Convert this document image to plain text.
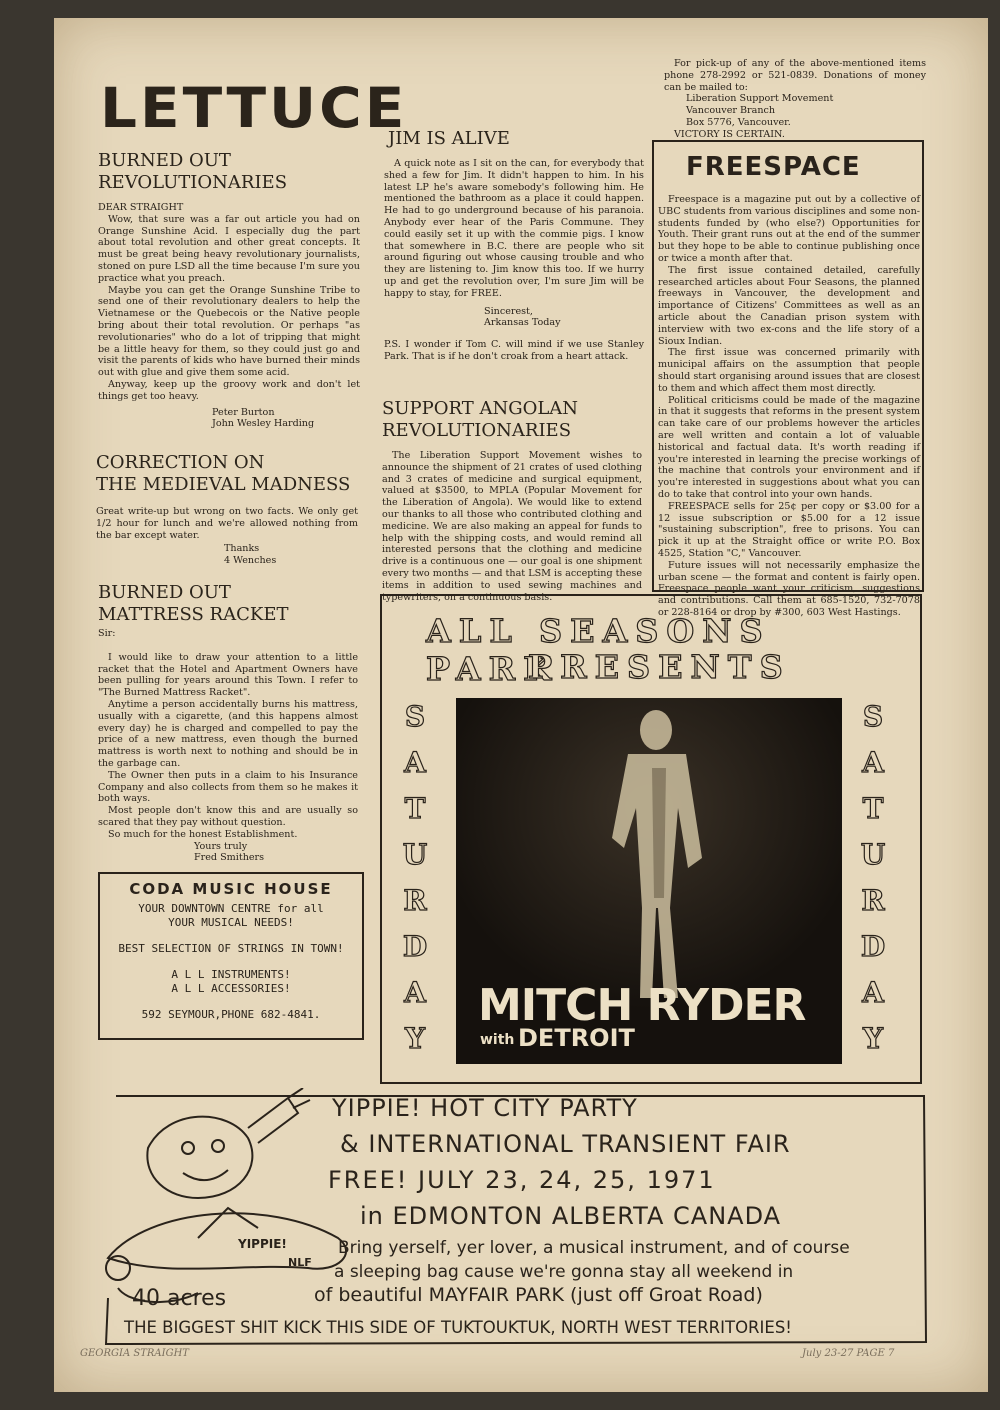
LETTUCE
BURNED OUT
REVOLUTIONARIES
DEAR STRAIGHT

Wow, that sure was a far out article you had on Orange Sunshine Acid. I especially dug the part about total revolution and other great concepts. It must be great being heavy revolutionary journalists, stoned on pure LSD all the time because I'm sure you practice what you preach.

Maybe you can get the Orange Sunshine Tribe to send one of their revolutionary dealers to help the Vietnamese or the Quebecois or the Native people bring about their total revolution. Or perhaps "as revolutionaries" who do a lot of tripping that might be a little heavy for them, so they could just go and visit the parents of kids who have burned their minds out with glue and give them some acid.

Anyway, keep up the groovy work and don't let things get too heavy.

Peter Burton
John Wesley Harding
CORRECTION ON
THE MEDIEVAL MADNESS
Great write-up but wrong on two facts. We only get 1/2 hour for lunch and we're allowed nothing from the bar except water.
Thanks
4 Wenches
BURNED OUT
MATTRESS RACKET
Sir:

I would like to draw your attention to a little racket that the Hotel and Apartment Owners have been pulling for years around this Town. I refer to "The Burned Mattress Racket".

Anytime a person accidentally burns his mattress, usually with a cigarette, (and this happens almost every day) he is charged and compelled to pay the price of a new mattress, even though the burned mattress is worth next to nothing and should be in the garbage can.

The Owner then puts in a claim to his Insurance Company and also collects from them so he makes it both ways.

Most people don't know this and are usually so scared that they pay without question.

So much for the honest Establishment.

Yours truly
Fred Smithers
CODA MUSIC HOUSE
YOUR DOWNTOWN CENTRE for all
YOUR MUSICAL NEEDS!
BEST SELECTION OF STRINGS IN TOWN!
A L L INSTRUMENTS!
A L L ACCESSORIES!
592 SEYMOUR,PHONE 682-4841.
JIM IS ALIVE

A quick note as I sit on the can, for everybody that shed a few for Jim. It didn't happen to him. In his latest LP he's aware somebody's following him. He mentioned the bathroom as a place it could happen. He had to go underground because of his paranoia. Anybody ever hear of the Paris Commune. They could easily set it up with the commie pigs. I know that somewhere in B.C. there are people who sit around figuring out whose causing trouble and who they are listening to. Jim know this too. If we hurry up and get the revolution over, I'm sure Jim will be happy to stay, for FREE.

Sincerest,
Arkansas Today
P.S. I wonder if Tom C. will mind if we use Stanley Park. That is if he don't croak from a heart attack.
SUPPORT ANGOLAN
REVOLUTIONARIES

The Liberation Support Movement wishes to announce the shipment of 21 crates of used clothing and 3 crates of medicine and surgical equipment, valued at $3500, to MPLA (Popular Movement for the Liberation of Angola). We would like to extend our thanks to all those who contributed clothing and medicine. We are also making an appeal for funds to help with the shipping costs, and would remind all interested persons that the clothing and medicine drive is a continuous one — our goal is one shipment every two months — and that LSM is accepting these items in addition to used sewing machines and typewriters, on a continuous basis.

For pick-up of any of the above-mentioned items phone 278-2992 or 521-0839. Donations of money can be mailed to:

Liberation Support Movement
Vancouver Branch
Box 5776, Vancouver.
VICTORY IS CERTAIN.
FREESPACE

Freespace is a magazine put out by a collective of UBC students from various disciplines and some non-students funded by (who else?) Opportunities for Youth. Their grant runs out at the end of the summer but they hope to be able to continue publishing once or twice a month after that.

The first issue contained detailed, carefully researched articles about Four Seasons, the planned freeways in Vancouver, the development and importance of Citizens' Committees as well as an article about the Canadian prison system with interview with two ex-cons and the life story of a Sioux Indian.

The first issue was concerned primarily with municipal affairs on the assumption that people should start organising around issues that are closest to them and which affect them most directly.

Political criticisms could be made of the magazine in that it suggests that reforms in the present system can take care of our problems however the articles are well written and contain a lot of valuable historical and factual data. It's worth reading if you're interested in learning the precise workings of the machine that controls your environment and if you're interested in suggestions about what you can do to take that control into your own hands.

FREESPACE sells for 25¢ per copy or $3.00 for a 12 issue subscription or $5.00 for a 12 issue "sustaining subscription", free to prisons. You can pick it up at the Straight office or write P.O. Box 4525, Station "C," Vancouver.

Future issues will not necessarily emphasize the urban scene — the format and content is fairly open. Freespace people want your criticism, suggestions and contributions. Call them at 685-1520, 732-7078 or 228-8164 or drop by #300, 603 West Hastings.

ALL SEASONS PARK
PRESENTS
S
A
T
U
R
D
A
Y
S
A
T
U
R
D
A
Y
MITCH RYDER
with DETROIT
YIPPIE!
NLF
YIPPIE! HOT CITY PARTY
& INTERNATIONAL TRANSIENT FAIR
FREE! JULY 23, 24, 25, 1971
in EDMONTON ALBERTA CANADA
Bring yerself, yer lover, a musical instrument, and of course
a sleeping bag cause we're gonna stay all weekend in
40 acres	of beautiful MAYFAIR PARK (just off Groat Road)
THE BIGGEST SHIT KICK THIS SIDE OF TUKTOUKTUK, NORTH WEST TERRITORIES!
GEORGIA STRAIGHT	July 23-27 PAGE 7
